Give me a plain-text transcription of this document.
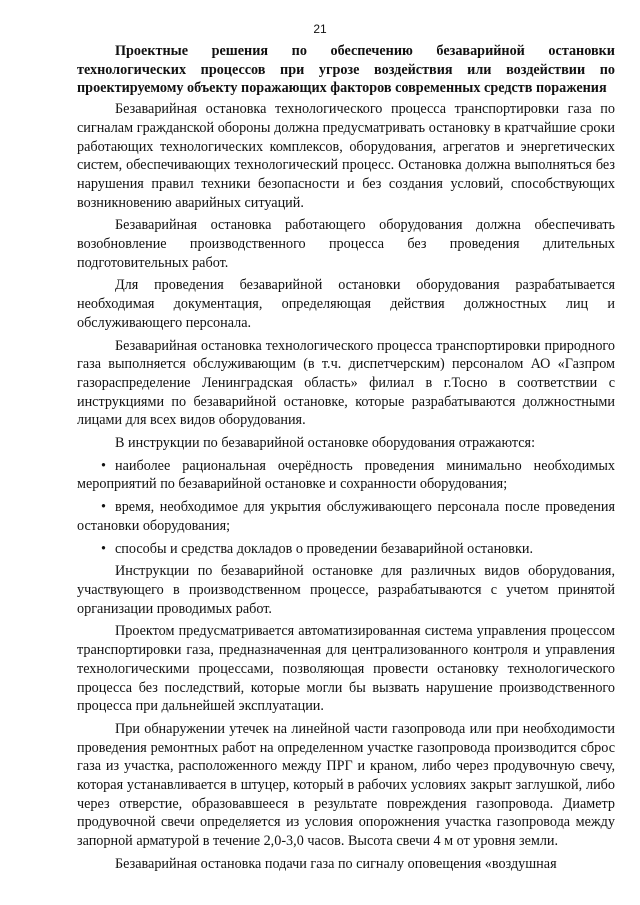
21

Проектные решения по обеспечению безаварийной остановки технологических процессов при угрозе воздействия или воздействии по проектируемому объекту поражающих факторов современных средств поражения

Безаварийная остановка технологического процесса транспортировки газа по сигналам гражданской обороны должна предусматривать остановку в кратчайшие сроки работающих технологических комплексов, оборудования, агрегатов и энергетических систем, обеспечивающих технологический процесс. Остановка должна выполняться без нарушения правил техники безопасности и без создания условий, способствующих возникновению аварийных ситуаций.

Безаварийная остановка работающего оборудования должна обеспечивать возобновление производственного процесса без проведения длительных подготовительных работ.

Для проведения безаварийной остановки оборудования разрабатывается необходимая документация, определяющая действия должностных лиц и обслуживающего персонала.

Безаварийная остановка технологического процесса транспортировки природного газа выполняется обслуживающим (в т.ч. диспетчерским) персоналом АО «Газпром газораспределение Ленинградская область» филиал в г.Тосно в соответствии с инструкциями по безаварийной остановке, которые разрабатываются должностными лицами для всех видов оборудования.

В инструкции по безаварийной остановке оборудования отражаются:

• наиболее рациональная очерёдность проведения минимально необходимых мероприятий по безаварийной остановке и сохранности оборудования;

• время, необходимое для укрытия обслуживающего персонала после проведения остановки оборудования;

• способы и средства докладов о проведении безаварийной остановки.

Инструкции по безаварийной остановке для различных видов оборудования, участвующего в производственном процессе, разрабатываются с учетом принятой организации проводимых работ.

Проектом предусматривается автоматизированная система управления процессом транспортировки газа, предназначенная для централизованного контроля и управления технологическими процессами, позволяющая провести остановку технологического процесса без последствий, которые могли бы вызвать нарушение производственного процесса при дальнейшей эксплуатации.

При обнаружении утечек на линейной части газопровода или при необходимости проведения ремонтных работ на определенном участке газопровода производится сброс газа из участка, расположенного между ПРГ и краном, либо через продувочную свечу, которая устанавливается в штуцер, который в рабочих условиях закрыт заглушкой, либо через отверстие, образовавшееся в результате повреждения газопровода. Диаметр продувочной свечи определяется из условия опорожнения участка газопровода между запорной арматурой в течение 2,0-3,0 часов. Высота свечи 4 м от уровня земли.

Безаварийная остановка подачи газа по сигналу оповещения «воздушная
